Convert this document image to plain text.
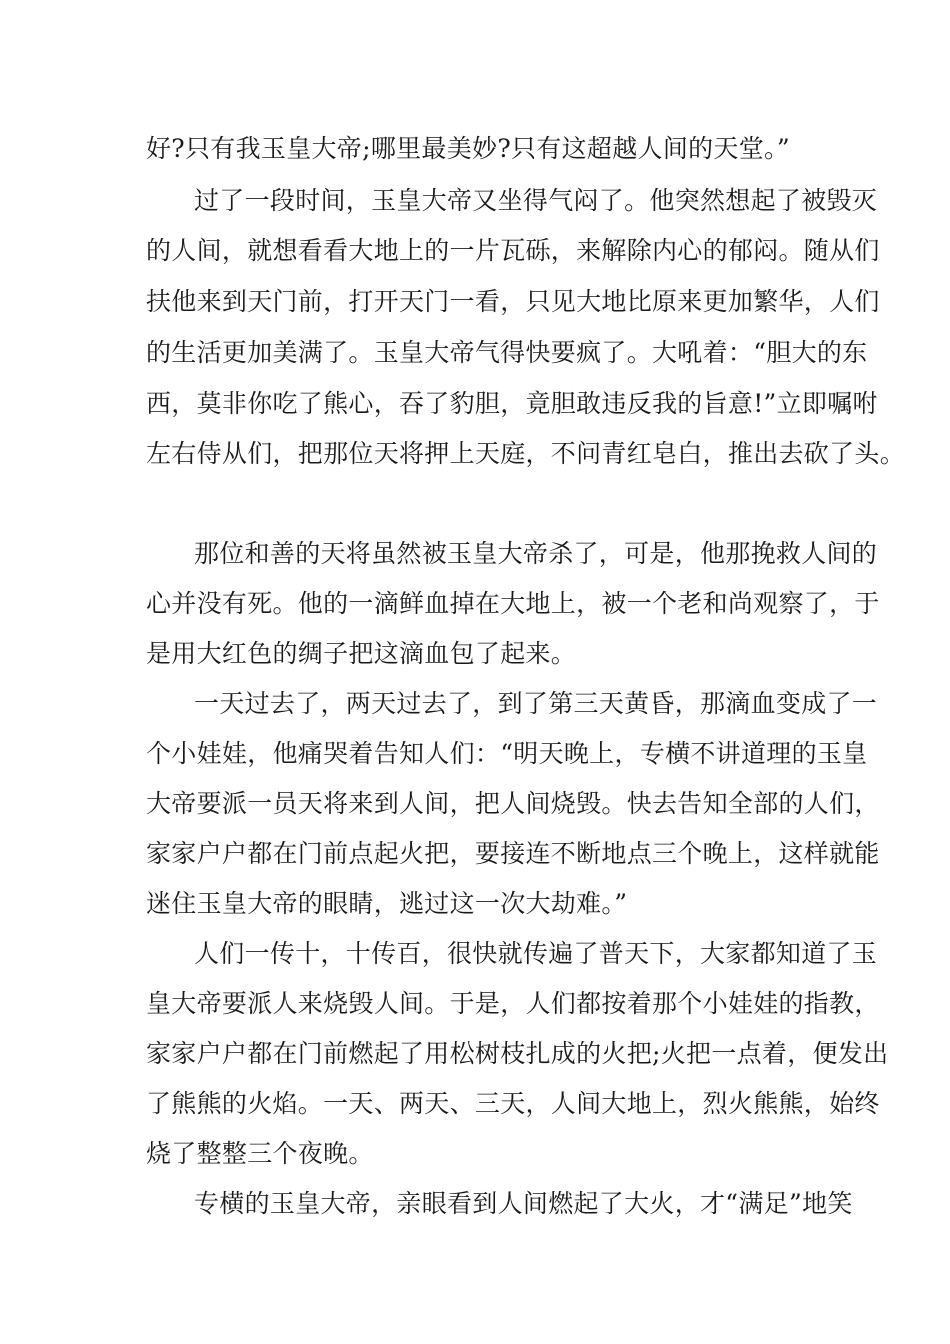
好?只有我玉皇大帝;哪里最美妙?只有这超越人间的天堂。”

过了一段时间，玉皇大帝又坐得气闷了。他突然想起了被毁灭

的人间，就想看看大地上的一片瓦砾，来解除内心的郁闷。随从们

扶他来到天门前，打开天门一看，只见大地比原来更加繁华，人们

的生活更加美满了。玉皇大帝气得快要疯了。大吼着：“胆大的东

西，莫非你吃了熊心，吞了豹胆，竟胆敢违反我的旨意!”立即嘱咐

左右侍从们，把那位天将押上天庭，不问青红皂白，推出去砍了头。

那位和善的天将虽然被玉皇大帝杀了，可是，他那挽救人间的

心并没有死。他的一滴鲜血掉在大地上，被一个老和尚观察了，于

是用大红色的绸子把这滴血包了起来。

一天过去了，两天过去了，到了第三天黄昏，那滴血变成了一

个小娃娃，他痛哭着告知人们：“明天晚上，专横不讲道理的玉皇

大帝要派一员天将来到人间，把人间烧毁。快去告知全部的人们，

家家户户都在门前点起火把，要接连不断地点三个晚上，这样就能

迷住玉皇大帝的眼睛，逃过这一次大劫难。”

人们一传十，十传百，很快就传遍了普天下，大家都知道了玉

皇大帝要派人来烧毁人间。于是，人们都按着那个小娃娃的指教，

家家户户都在门前燃起了用松树枝扎成的火把;火把一点着，便发出

了熊熊的火焰。一天、两天、三天，人间大地上，烈火熊熊，始终

烧了整整三个夜晚。

专横的玉皇大帝，亲眼看到人间燃起了大火，才“满足”地笑
